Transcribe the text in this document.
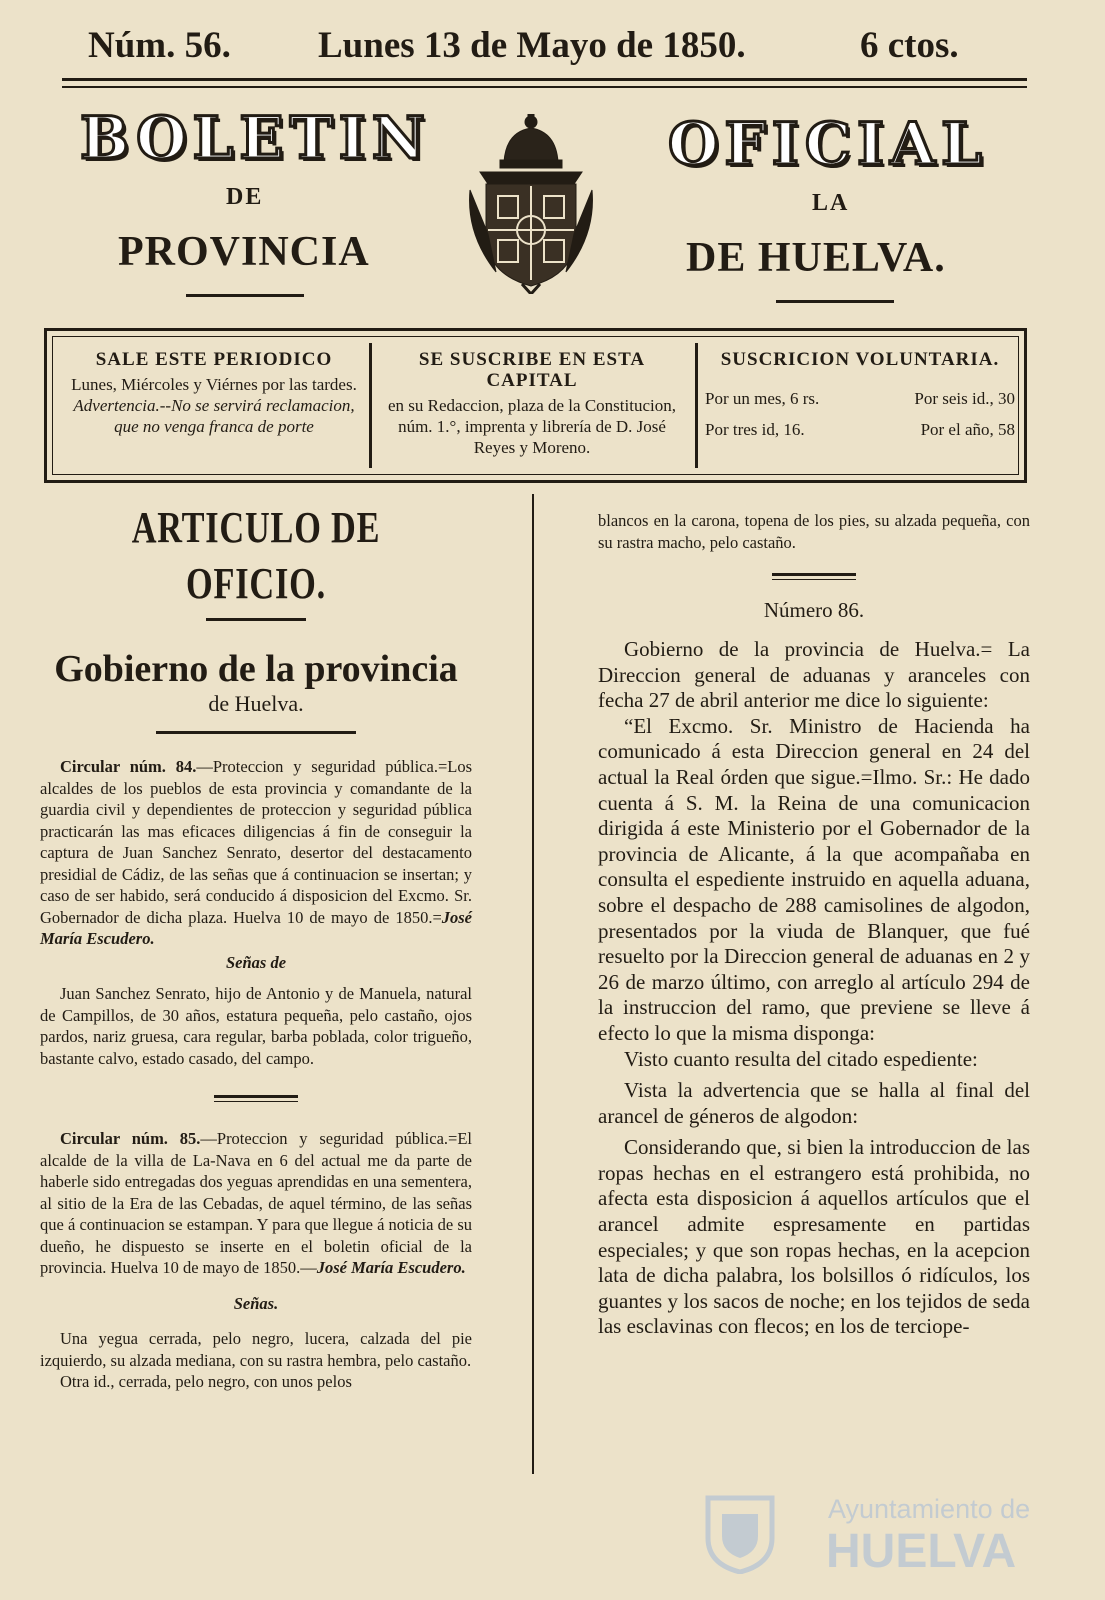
Núm. 56. Lunes 13 de Mayo de 1850.	6 ctos.
BOLETIN	OFICIAL
DE	LA
PROVINCIA	DE HUELVA.
SALE ESTE PERIODICO
Lunes, Miércoles y Viérnes por las tardes.
Advertencia.--No se servirá reclamacion, que no venga franca de porte
SE SUSCRIBE EN ESTA CAPITAL
en su Redaccion, plaza de la Constitucion, núm. 1.°, imprenta y librería de D. José Reyes y Moreno.
SUSCRICION VOLUNTARIA.
Por un mes, 6 rs.	Por seis id., 30
Por tres id, 16.	Por el año, 58
ARTICULO DE OFICIO.
Gobierno de la provincia
de Huelva.

Circular núm. 84.—Proteccion y seguridad pública.=Los alcaldes de los pueblos de esta provincia y comandante de la guardia civil y dependientes de proteccion y seguridad pública practicarán las mas eficaces diligencias á fin de conseguir la captura de Juan Sanchez Senrato, desertor del destacamento presidial de Cádiz, de las señas que á continuacion se insertan; y caso de ser habido, será conducido á disposicion del Excmo. Sr. Gobernador de dicha plaza. Huelva 10 de mayo de 1850.=José María Escudero.

Señas de

Juan Sanchez Senrato, hijo de Antonio y de Manuela, natural de Campillos, de 30 años, estatura pequeña, pelo castaño, ojos pardos, nariz gruesa, cara regular, barba poblada, color trigueño, bastante calvo, estado casado, del campo.

Circular núm. 85.—Proteccion y seguridad pública.=El alcalde de la villa de La-Nava en 6 del actual me da parte de haberle sido entregadas dos yeguas aprendidas en una sementera, al sitio de la Era de las Cebadas, de aquel término, de las señas que á continuacion se estampan. Y para que llegue á noticia de su dueño, he dispuesto se inserte en el boletin oficial de la provincia. Huelva 10 de mayo de 1850.—José María Escudero.

Señas.

Una yegua cerrada, pelo negro, lucera, calzada del pie izquierdo, su alzada mediana, con su rastra hembra, pelo castaño.

Otra id., cerrada, pelo negro, con unos pelos

blancos en la carona, topena de los pies, su alzada pequeña, con su rastra macho, pelo castaño.

Número 86.

Gobierno de la provincia de Huelva.= La Direccion general de aduanas y aranceles con fecha 27 de abril anterior me dice lo siguiente:

“El Excmo. Sr. Ministro de Hacienda ha comunicado á esta Direccion general en 24 del actual la Real órden que sigue.=Ilmo. Sr.: He dado cuenta á S. M. la Reina de una comunicacion dirigida á este Ministerio por el Gobernador de la provincia de Alicante, á la que acompañaba en consulta el espediente instruido en aquella aduana, sobre el despacho de 288 camisolines de algodon, presentados por la viuda de Blanquer, que fué resuelto por la Direccion general de aduanas en 2 y 26 de marzo último, con arreglo al artículo 294 de la instruccion del ramo, que previene se lleve á efecto lo que la misma disponga:

Visto cuanto resulta del citado espediente:

Vista la advertencia que se halla al final del arancel de géneros de algodon:

Considerando que, si bien la introduccion de las ropas hechas en el estrangero está prohibida, no afecta esta disposicion á aquellos artículos que el arancel admite espresamente en partidas especiales; y que son ropas hechas, en la acepcion lata de dicha palabra, los bolsillos ó ridículos, los guantes y los sacos de noche; en los tejidos de seda las esclavinas con flecos; en los de terciope-

Ayuntamiento de
HUELVA
